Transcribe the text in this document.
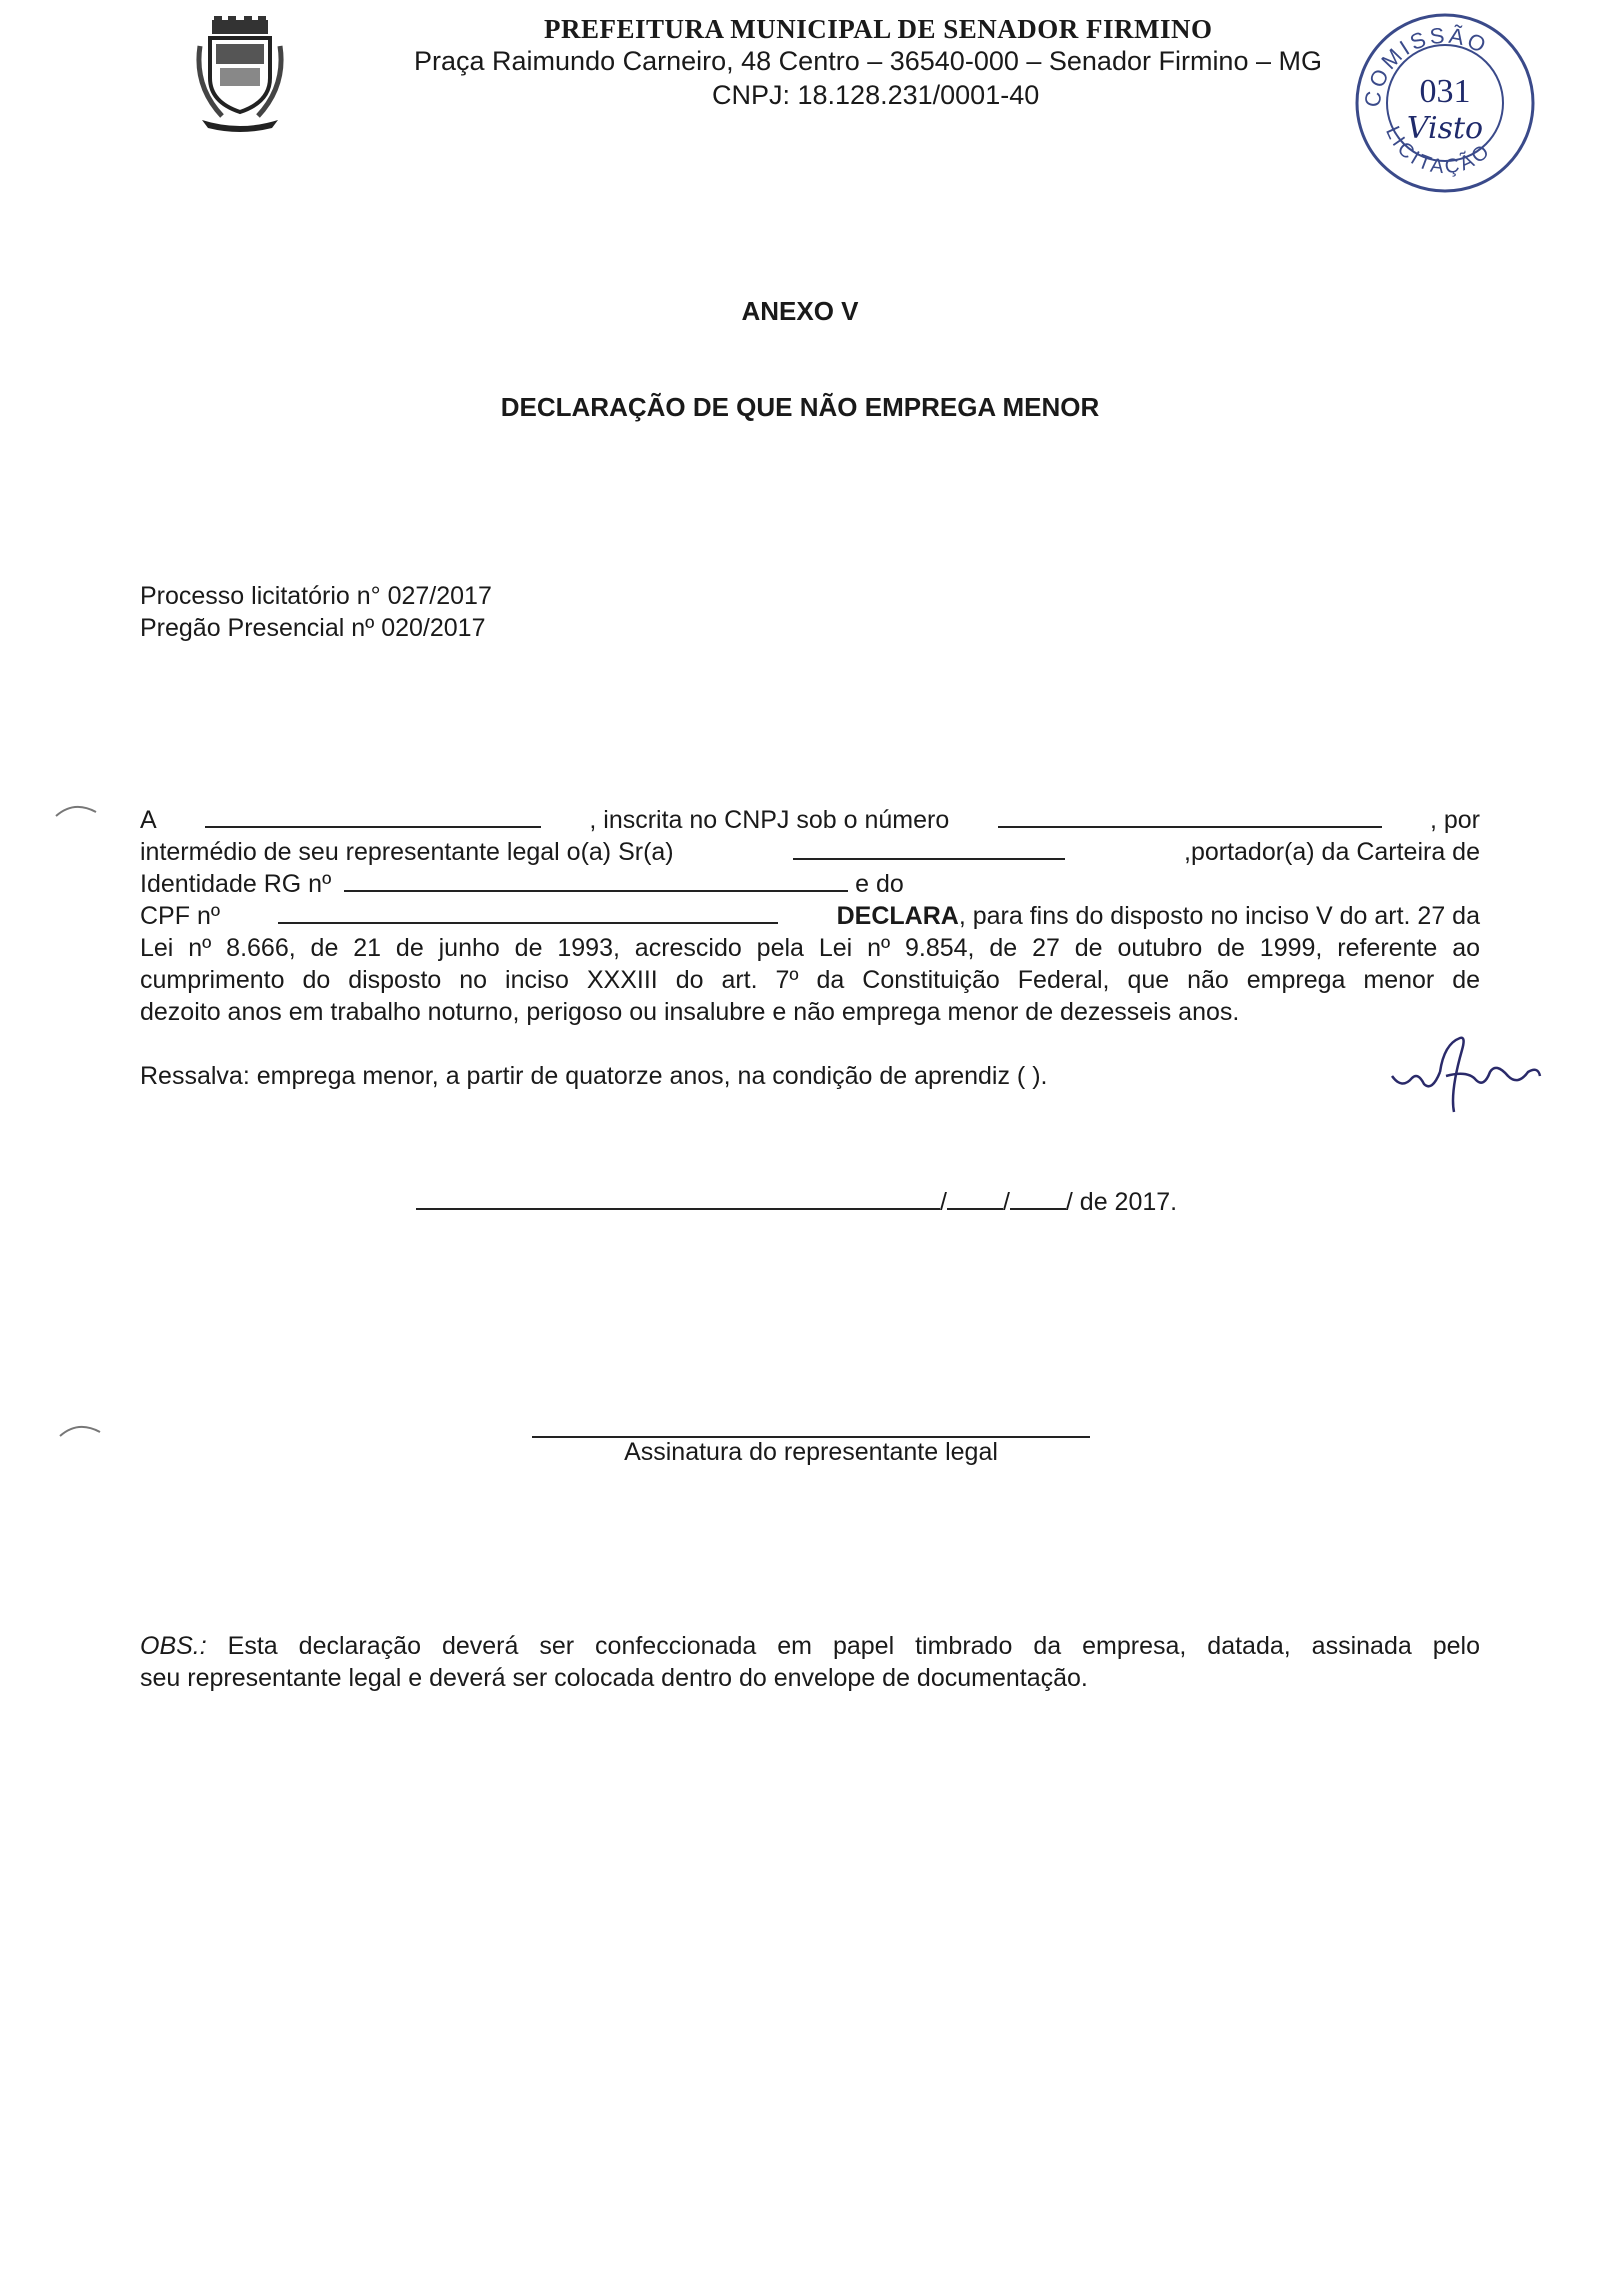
PREFEITURA MUNICIPAL DE SENADOR FIRMINO
Praça Raimundo Carneiro, 48 Centro – 36540-000 – Senador Firmino – MG
CNPJ: 18.128.231/0001-40	COMISSÃO
LICITAÇÃO
031
Visto
ANEXO V
DECLARAÇÃO DE QUE NÃO EMPREGA MENOR
Processo licitatório n° 027/2017
Pregão Presencial nº 020/2017
A	, inscrita no CNPJ sob o número	, por
intermédio de seu representante legal o(a) Sr(a)	,portador(a) da Carteira de
Identidade RG nº	e do
CPF nº	DECLARA, para fins do disposto no inciso V do art. 27 da
Lei nº 8.666, de 21 de junho de 1993, acrescido pela Lei nº 9.854, de 27 de outubro de 1999, referente ao
cumprimento do disposto no inciso XXXIII do art. 7º da Constituição Federal, que não emprega menor de
dezoito anos em trabalho noturno, perigoso ou insalubre e não emprega menor de dezesseis anos.
Ressalva: emprega menor, a partir de quatorze anos, na condição de aprendiz ( ).
/ / / de 2017.
Assinatura do representante legal
OBS.: Esta declaração deverá ser confeccionada em papel timbrado da empresa, datada, assinada pelo
seu representante legal e deverá ser colocada dentro do envelope de documentação.
